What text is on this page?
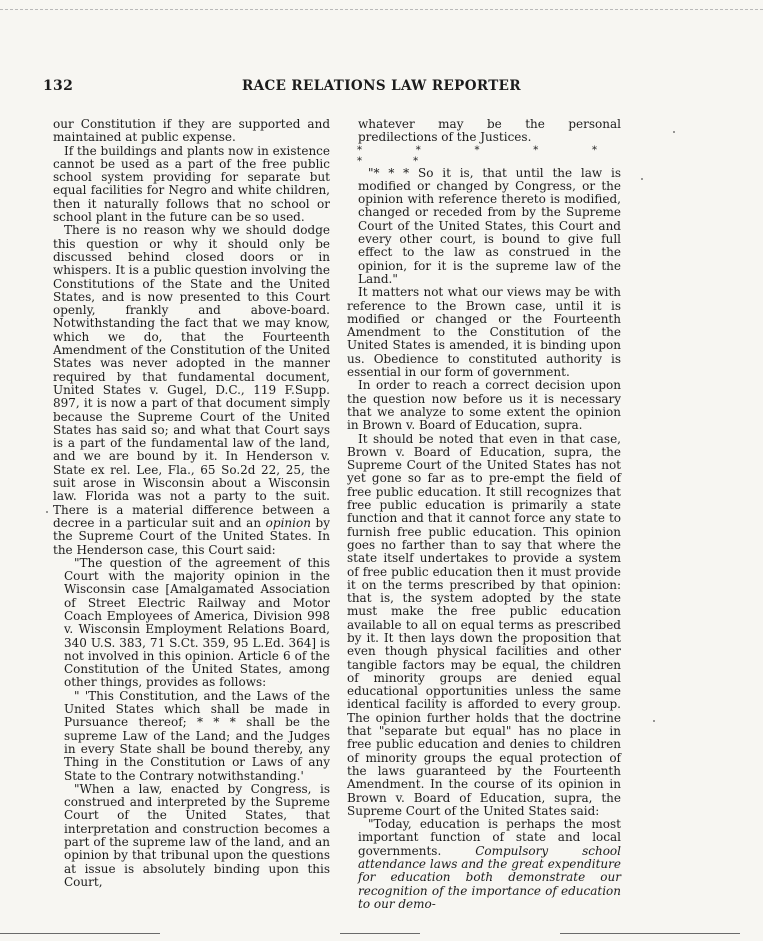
132	RACE RELATIONS LAW REPORTER

our Constitution if they are supported and maintained at public expense.

If the buildings and plants now in existence cannot be used as a part of the free public school system providing for separate but equal facilities for Negro and white children, then it naturally follows that no school or school plant in the future can be so used.

There is no reason why we should dodge this question or why it should only be discussed behind closed doors or in whispers. It is a public question involving the Constitutions of the State and the United States, and is now presented to this Court openly, frankly and above-board. Notwithstanding the fact that we may know, which we do, that the Fourteenth Amendment of the Constitution of the United States was never adopted in the manner required by that fundamental document, United States v. Gugel, D.C., 119 F.Supp. 897, it is now a part of that document simply because the Supreme Court of the United States has said so; and what that Court says is a part of the fundamental law of the land, and we are bound by it. In Henderson v. State ex rel. Lee, Fla., 65 So.2d 22, 25, the suit arose in Wisconsin about a Wisconsin law. Florida was not a party to the suit. There is a material difference between a decree in a particular suit and an opinion by the Supreme Court of the United States. In the Henderson case, this Court said:

"The question of the agreement of this Court with the majority opinion in the Wisconsin case [Amalgamated Association of Street Electric Railway and Motor Coach Employees of America, Division 998 v. Wisconsin Employment Relations Board, 340 U.S. 383, 71 S.Ct. 359, 95 L.Ed. 364] is not involved in this opinion. Article 6 of the Constitution of the United States, among other things, provides as follows:

" 'This Constitution, and the Laws of the United States which shall be made in Pursuance thereof; * * * shall be the supreme Law of the Land; and the Judges in every State shall be bound thereby, any Thing in the Constitution or Laws of any State to the Contrary notwithstanding.'

"When a law, enacted by Congress, is construed and interpreted by the Supreme Court of the United States, that interpretation and construction becomes a part of the supreme law of the land, and an opinion by that tribunal upon the questions at issue is absolutely binding upon this Court,

whatever may be the personal predilections of the Justices.

* * * * * * *

"* * * So it is, that until the law is modified or changed by Congress, or the opinion with reference thereto is modified, changed or receded from by the Supreme Court of the United States, this Court and every other court, is bound to give full effect to the law as construed in the opinion, for it is the supreme law of the Land."

It matters not what our views may be with reference to the Brown case, until it is modified or changed or the Fourteenth Amendment to the Constitution of the United States is amended, it is binding upon us. Obedience to constituted authority is essential in our form of government.

In order to reach a correct decision upon the question now before us it is necessary that we analyze to some extent the opinion in Brown v. Board of Education, supra.

It should be noted that even in that case, Brown v. Board of Education, supra, the Supreme Court of the United States has not yet gone so far as to pre-empt the field of free public education. It still recognizes that free public education is primarily a state function and that it cannot force any state to furnish free public education. This opinion goes no farther than to say that where the state itself undertakes to provide a system of free public education then it must provide it on the terms prescribed by that opinion: that is, the system adopted by the state must make the free public education available to all on equal terms as prescribed by it. It then lays down the proposition that even though physical facilities and other tangible factors may be equal, the children of minority groups are denied equal educational opportunities unless the same identical facility is afforded to every group. The opinion further holds that the doctrine that "separate but equal" has no place in free public education and denies to children of minority groups the equal protection of the laws guaranteed by the Fourteenth Amendment. In the course of its opinion in Brown v. Board of Education, supra, the Supreme Court of the United States said:

"Today, education is perhaps the most important function of state and local governments.	Compulsory school attendance laws and the great expenditure for education both demonstrate our recognition of the importance of education to our demo-
